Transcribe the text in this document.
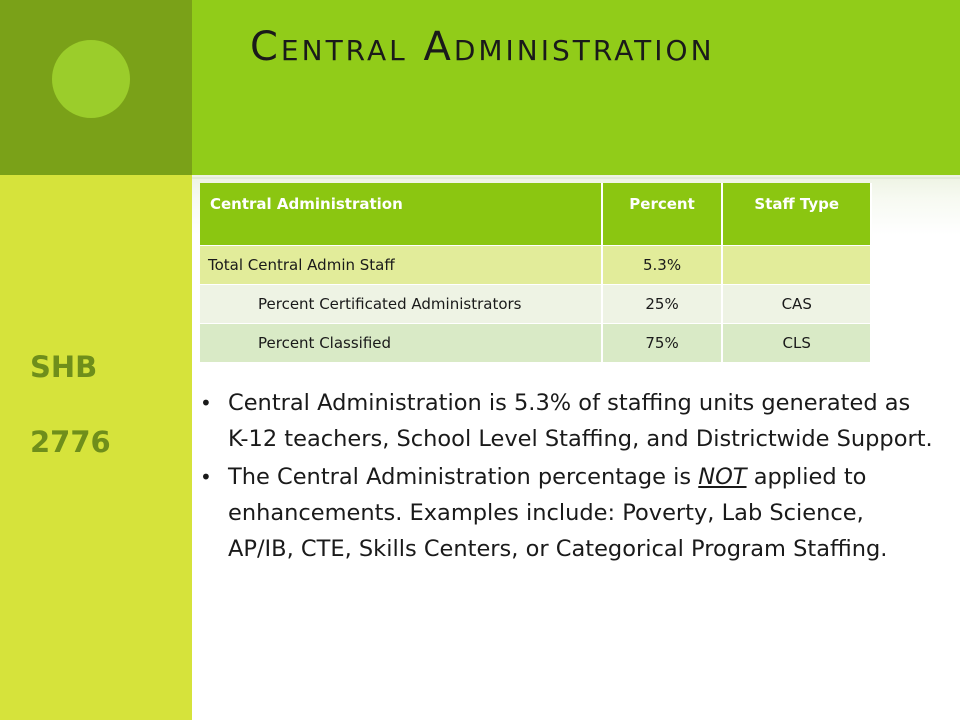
Central Administration

SHB

2776

Central Administration	Percent	Staff Type
Total Central Admin Staff	5.3%	
Percent Certificated Administrators	25%	CAS
Percent Classified	75%	CLS
• Central Administration is 5.3% of staffing units generated as K-12 teachers, School Level Staffing, and Districtwide Support.
• The Central Administration percentage is NOT applied to enhancements. Examples include: Poverty, Lab Science, AP/IB, CTE, Skills Centers, or Categorical Program Staffing.
